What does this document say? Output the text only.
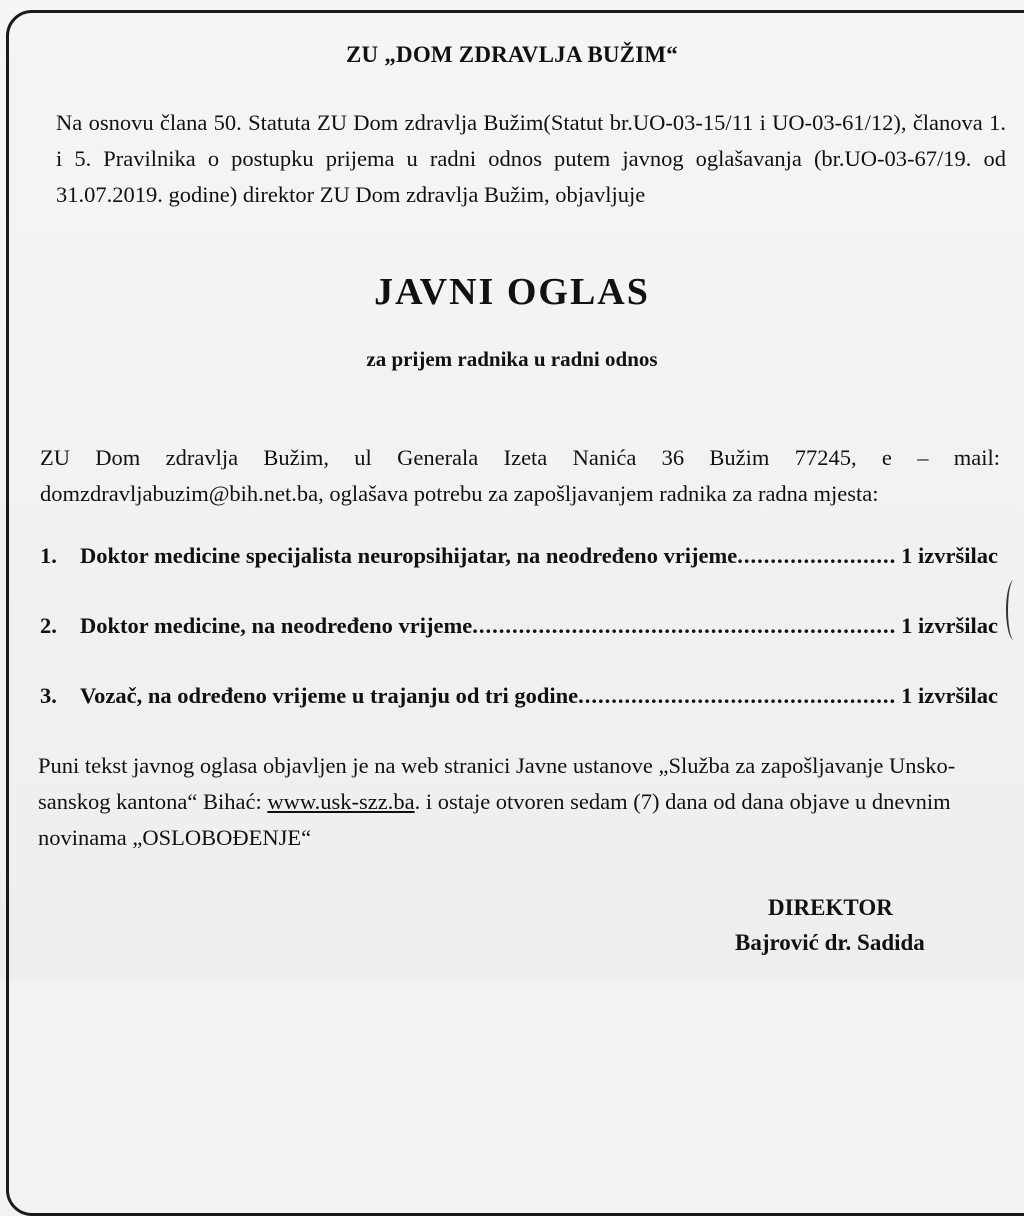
ZU „DOM ZDRAVLJA BUŽIM“

Na osnovu člana 50. Statuta ZU Dom zdravlja Bužim(Statut br.UO-03-15/11 i UO-03-61/12), članova 1. i 5. Pravilnika o postupku prijema u radni odnos putem javnog oglašavanja (br.UO-03-67/19. od 31.07.2019. godine) direktor ZU Dom zdravlja Bužim, objavljuje

JAVNI OGLAS
za prijem radnika u radni odnos

ZU Dom zdravlja Bužim, ul Generala Izeta Nanića 36 Bužim 77245, e – mail: domzdravljabuzim@bih.net.ba, oglašava potrebu za zapošljavanjem radnika za radna mjesta:

1.	Doktor medicine specijalista neuropsihijatar, na neodređeno vrijeme .....	1 izvršilac
2.	Doktor medicine, na neodređeno vrijeme .....	1 izvršilac
3.	Vozač, na određeno vrijeme u trajanju od tri godine .....	1 izvršilac

Puni tekst javnog oglasa objavljen je na web stranici Javne ustanove „Služba za zapošljavanje Unsko-sanskog kantona“ Bihać: www.usk-szz.ba. i ostaje otvoren sedam (7) dana od dana objave u dnevnim novinama „OSLOBOĐENJE“

DIREKTOR
Bajrović dr. Sadida
